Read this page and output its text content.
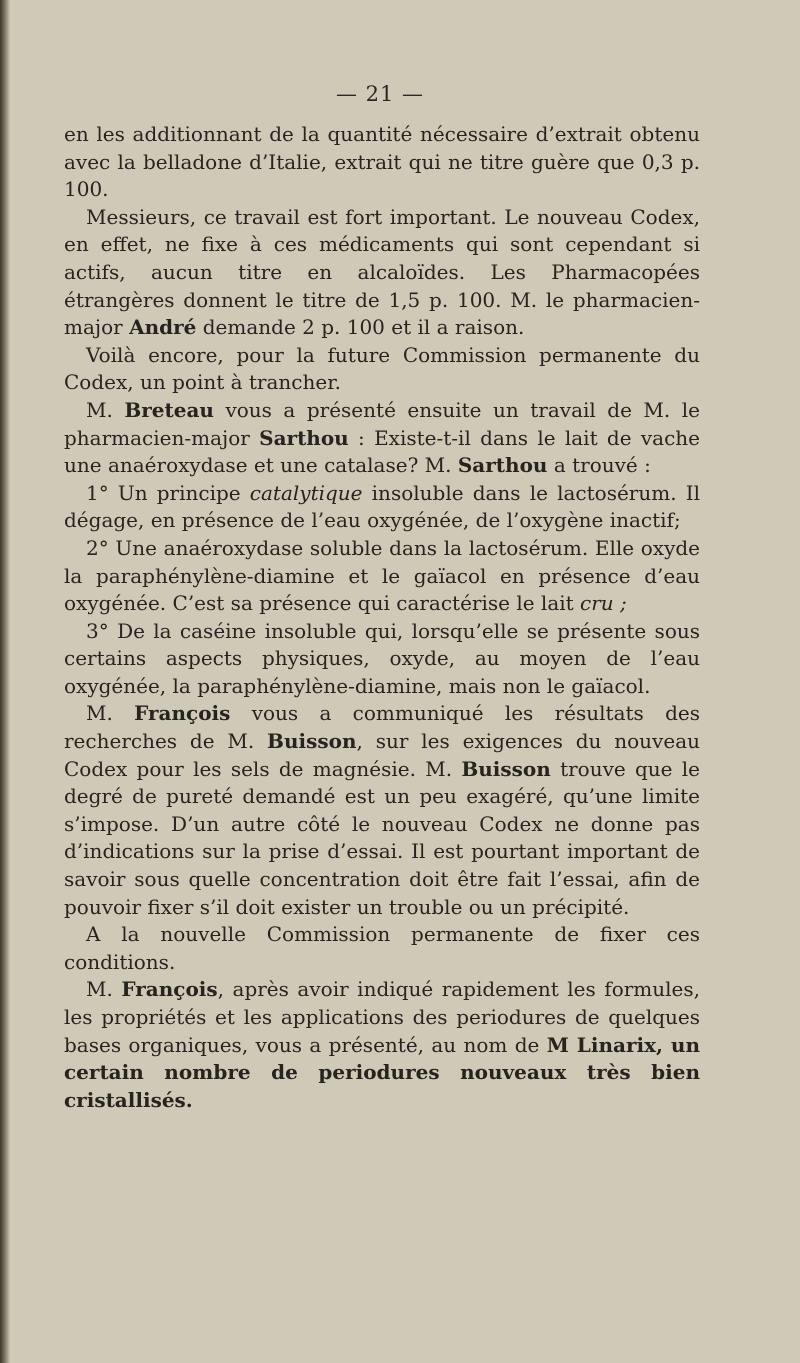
— 21 —

en les additionnant de la quantité nécessaire d’extrait obtenu avec la belladone d’Italie, extrait qui ne titre guère que 0,3 p. 100.

Messieurs, ce travail est fort important. Le nouveau Codex, en effet, ne fixe à ces médicaments qui sont cependant si actifs, aucun titre en alcaloïdes. Les Pharmacopées étrangères donnent le titre de 1,5 p. 100. M. le pharmacien-major André demande 2 p. 100 et il a raison.

Voilà encore, pour la future Commission permanente du Codex, un point à trancher.

M. Breteau vous a présenté ensuite un travail de M. le pharmacien-major Sarthou : Existe-t-il dans le lait de vache une anaéroxydase et une catalase? M. Sarthou a trouvé :

1° Un principe catalytique insoluble dans le lactosérum. Il dégage, en présence de l’eau oxygénée, de l’oxygène inactif;

2° Une anaéroxydase soluble dans la lactosérum. Elle oxyde la paraphénylène-diamine et le gaïacol en présence d’eau oxygénée. C’est sa présence qui caractérise le lait cru ;

3° De la caséine insoluble qui, lorsqu’elle se présente sous certains aspects physiques, oxyde, au moyen de l’eau oxygénée, la paraphénylène-diamine, mais non le gaïacol.

M. François vous a communiqué les résultats des recherches de M. Buisson, sur les exigences du nouveau Codex pour les sels de magnésie. M. Buisson trouve que le degré de pureté demandé est un peu exagéré, qu’une limite s’impose. D’un autre côté le nouveau Codex ne donne pas d’indications sur la prise d’essai. Il est pourtant important de savoir sous quelle concentration doit être fait l’essai, afin de pouvoir fixer s’il doit exister un trouble ou un précipité.

A la nouvelle Commission permanente de fixer ces conditions.

M. François, après avoir indiqué rapidement les formules, les propriétés et les applications des periodures de quelques bases organiques, vous a présenté, au nom de M Linarix, un certain nombre de periodures nouveaux très bien cristallisés.
